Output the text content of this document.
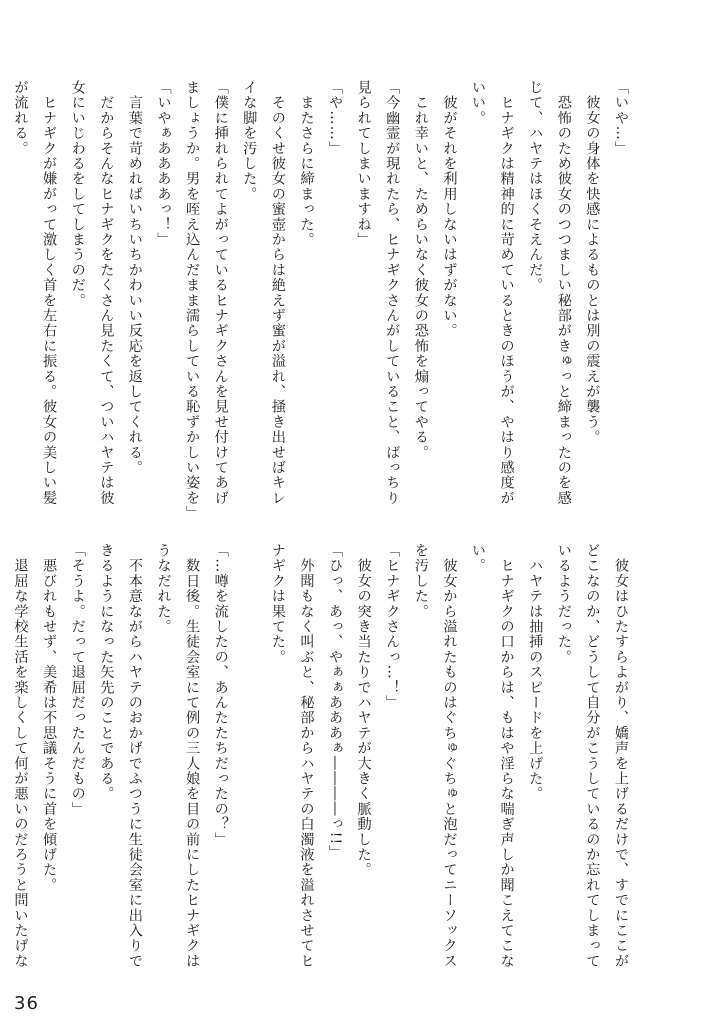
「いや…」
　彼女の身体を快感によるものとは別の震えが襲う。
　恐怖のため彼女のつつましい秘部がきゅっと締まったのを感
じて、ハヤテはほくそえんだ。
　ヒナギクは精神的に苛めているときのほうが、やはり感度が
いい。
　彼がそれを利用しないはずがない。
　これ幸いと、ためらいなく彼女の恐怖を煽ってやる。
「今幽霊が現れたら、ヒナギクさんがしていること、ばっちり
見られてしまいますね」
「や……」
　またさらに締まった。
　そのくせ彼女の蜜壺からは絶えず蜜が溢れ、掻き出せばキレ
イな脚を汚した。
「僕に挿れられてよがっているヒナギクさんを見せ付けてあげ
ましょうか。男を咥え込んだまま濡らしている恥ずかしい姿を」
「いやぁああああっ！」
　言葉で苛めればいちいちかわいい反応を返してくれる。
　だからそんなヒナギクをたくさん見たくて、ついハヤテは彼
女にいじわるをしてしまうのだ。
　ヒナギクが嫌がって激しく首を左右に振る。彼女の美しい髪
が流れる。
　彼女はひたすらよがり、嬌声を上げるだけで、すでにここが
どこなのか、どうして自分がこうしているのか忘れてしまって
いるようだった。
　ハヤテは抽挿のスピードを上げた。
　ヒナギクの口からは、もはや淫らな喘ぎ声しか聞こえてこな
い。
　彼女から溢れたものはぐちゅぐちゅと泡だってニーソックス
を汚した。
「ヒナギクさんっ…！」
　彼女の突き当たりでハヤテが大きく脈動した。
「ひっ、あっ、やぁぁあああぁ――――っ!!」
　外聞もなく叫ぶと、秘部からハヤテの白濁液を溢れさせてヒ
ナギクは果てた。

「…噂を流したの、あんたたちだったの？」
　数日後。生徒会室にて例の三人娘を目の前にしたヒナギクは
うなだれた。
　不本意ながらハヤテのおかげでふつうに生徒会室に出入りで
きるようになった矢先のことである。
「そうよ。だって退屈だったんだもの」
　悪びれもせず、美希は不思議そうに首を傾げた。
　退屈な学校生活を楽しくして何が悪いのだろうと問いたげな
36
